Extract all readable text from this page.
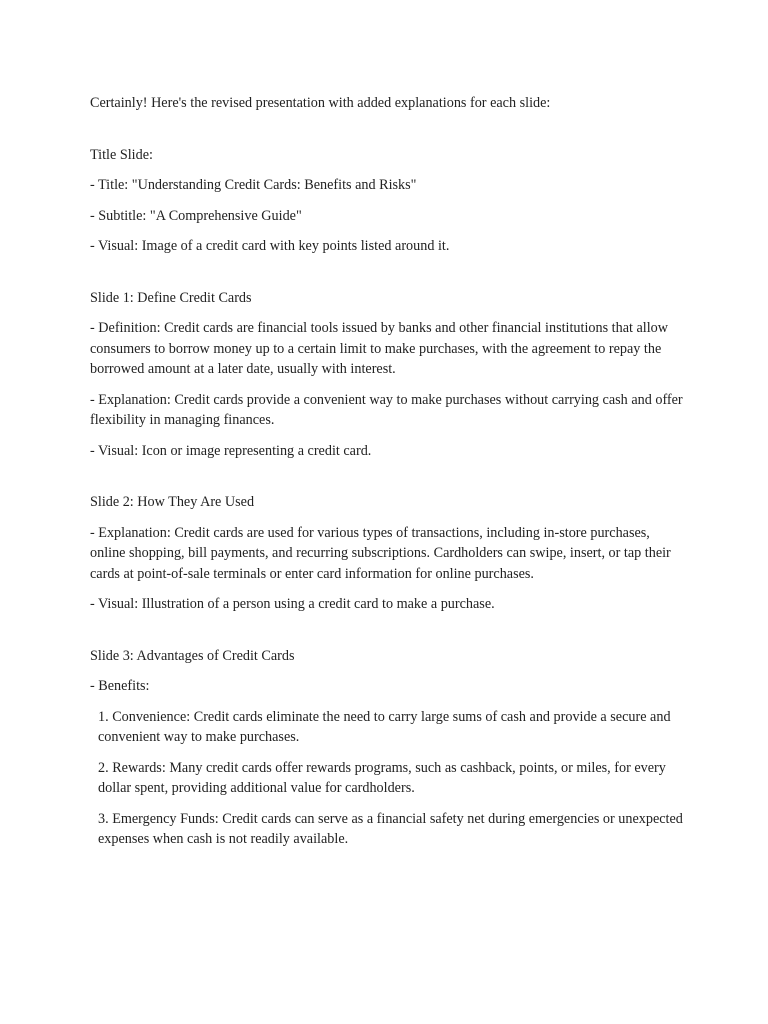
Certainly! Here's the revised presentation with added explanations for each slide:

Title Slide:

- Title: "Understanding Credit Cards: Benefits and Risks"

- Subtitle: "A Comprehensive Guide"

- Visual: Image of a credit card with key points listed around it.

Slide 1: Define Credit Cards

- Definition: Credit cards are financial tools issued by banks and other financial institutions that allow consumers to borrow money up to a certain limit to make purchases, with the agreement to repay the borrowed amount at a later date, usually with interest.

- Explanation: Credit cards provide a convenient way to make purchases without carrying cash and offer flexibility in managing finances.

- Visual: Icon or image representing a credit card.

Slide 2: How They Are Used

- Explanation: Credit cards are used for various types of transactions, including in-store purchases, online shopping, bill payments, and recurring subscriptions. Cardholders can swipe, insert, or tap their cards at point-of-sale terminals or enter card information for online purchases.

- Visual: Illustration of a person using a credit card to make a purchase.

Slide 3: Advantages of Credit Cards

- Benefits:

1. Convenience: Credit cards eliminate the need to carry large sums of cash and provide a secure and convenient way to make purchases.

2. Rewards: Many credit cards offer rewards programs, such as cashback, points, or miles, for every dollar spent, providing additional value for cardholders.

3. Emergency Funds: Credit cards can serve as a financial safety net during emergencies or unexpected expenses when cash is not readily available.
